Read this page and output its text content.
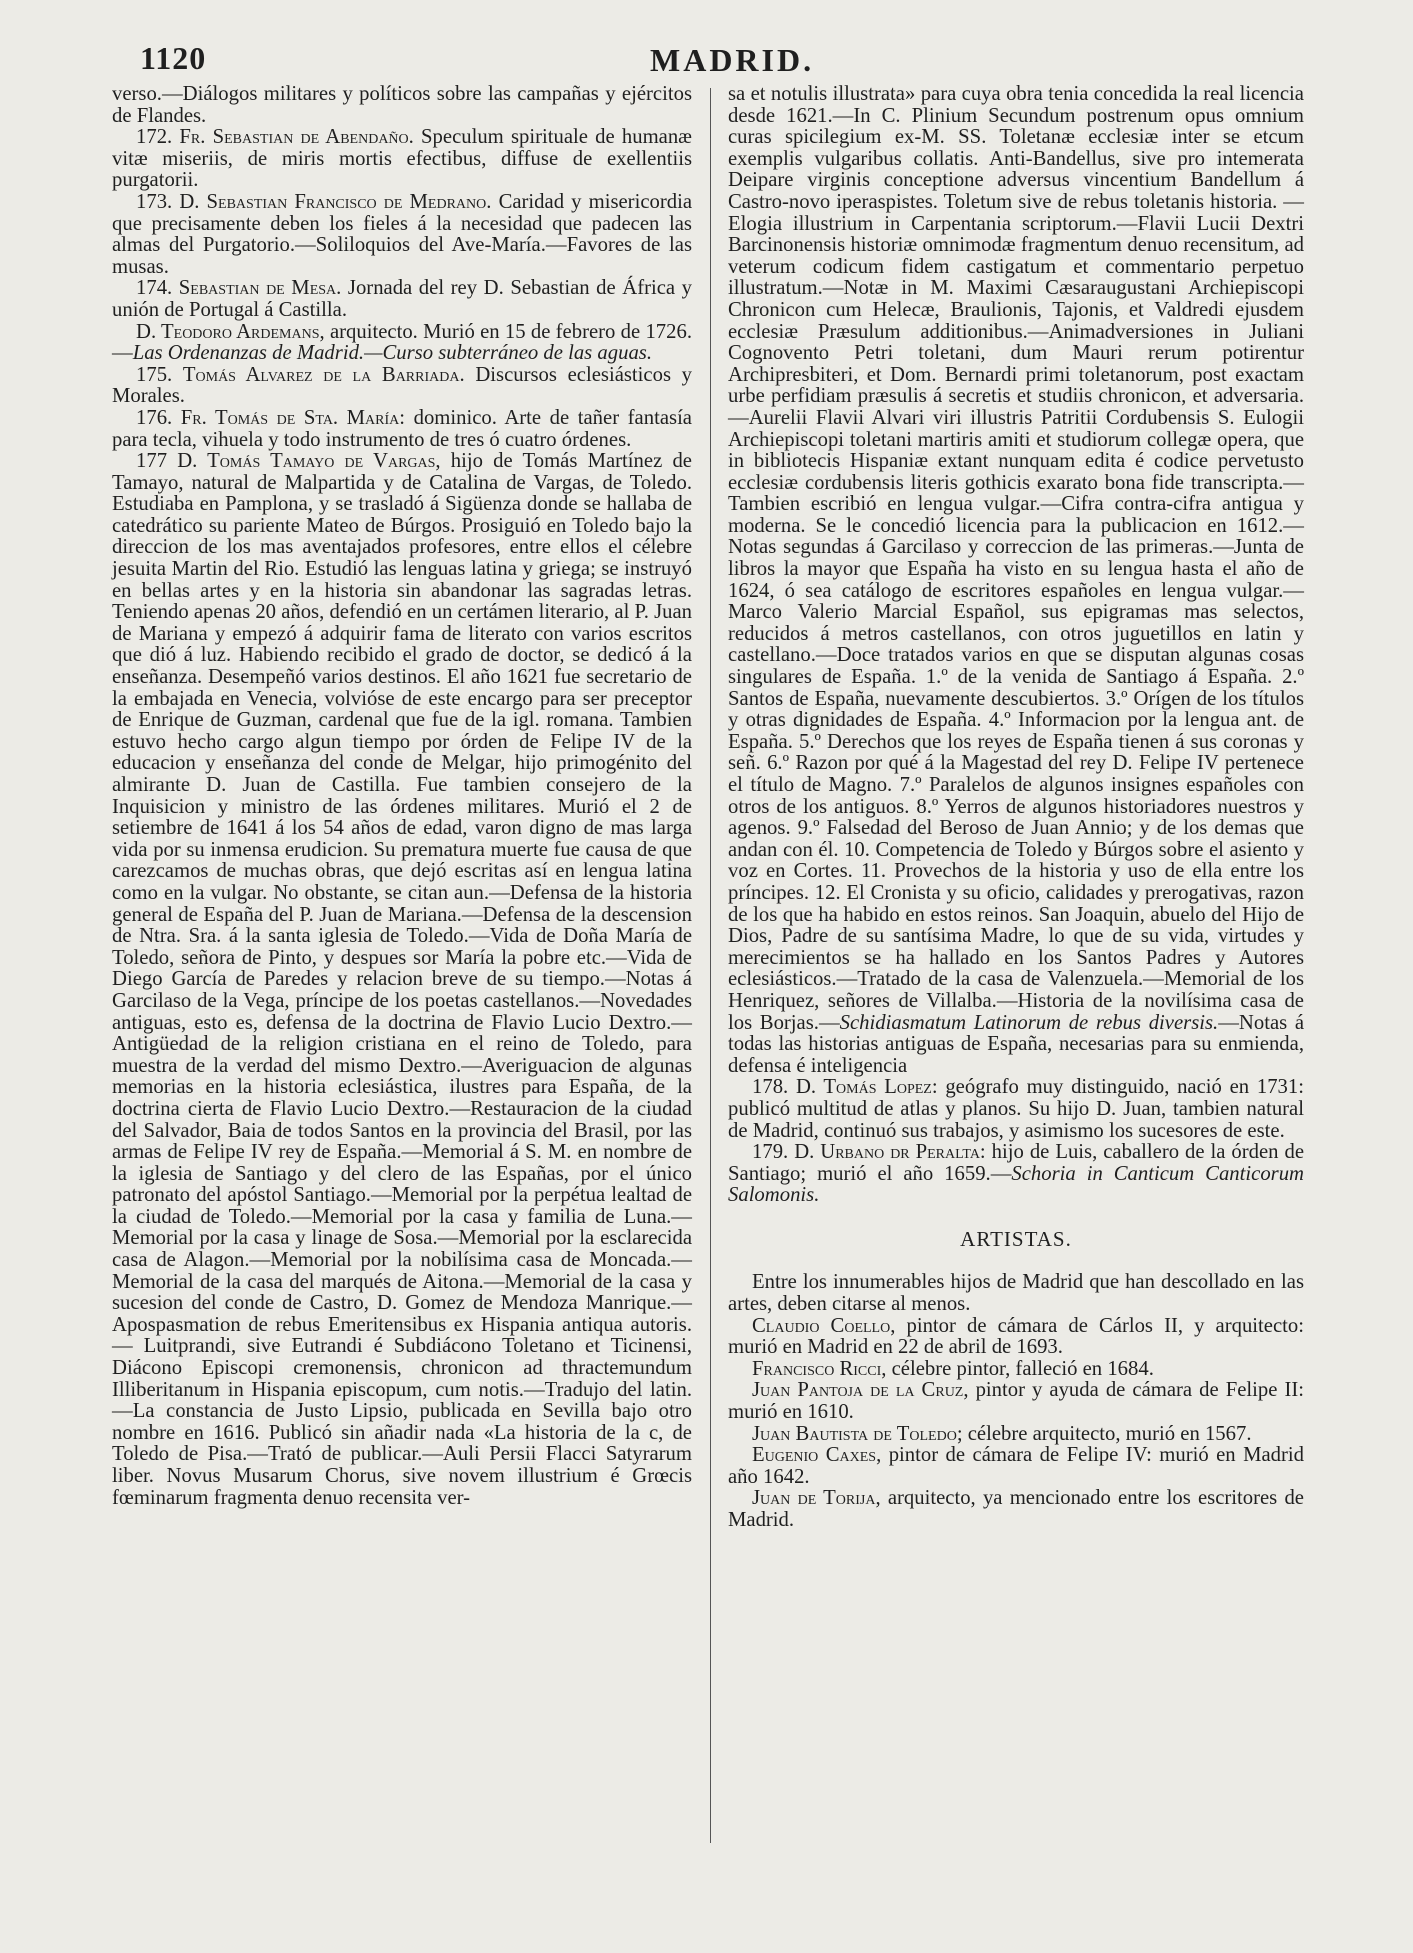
1120	MADRID.

verso.—Diálogos militares y políticos sobre las campañas y ejércitos de Flandes.

172. Fr. Sebastian de Abendaño. Speculum spirituale de humanæ vitæ miseriis, de miris mortis efectibus, diffuse de exellentiis purgatorii.

173. D. Sebastian Francisco de Medrano. Caridad y misericordia que precisamente deben los fieles á la necesidad que padecen las almas del Purgatorio.—Soliloquios del Ave-María.—Favores de las musas.

174. Sebastian de Mesa. Jornada del rey D. Sebastian de África y unión de Portugal á Castilla.

D. Teodoro Ardemans, arquitecto. Murió en 15 de febrero de 1726.—Las Ordenanzas de Madrid.—Curso subterráneo de las aguas.

175. Tomás Alvarez de la Barriada. Discursos eclesiásticos y Morales.

176. Fr. Tomás de Sta. María: dominico. Arte de tañer fantasía para tecla, vihuela y todo instrumento de tres ó cuatro órdenes.

177 D. Tomás Tamayo de Vargas, hijo de Tomás Martínez de Tamayo, natural de Malpartida y de Catalina de Vargas, de Toledo. Estudiaba en Pamplona, y se trasladó á Sigüenza donde se hallaba de catedrático su pariente Mateo de Búrgos. Prosiguió en Toledo bajo la direccion de los mas aventajados profesores, entre ellos el célebre jesuita Martin del Rio. Estudió las lenguas latina y griega; se instruyó en bellas artes y en la historia sin abandonar las sagradas letras. Teniendo apenas 20 años, defendió en un certámen literario, al P. Juan de Mariana y empezó á adquirir fama de literato con varios escritos que dió á luz. Habiendo recibido el grado de doctor, se dedicó á la enseñanza. Desempeñó varios destinos. El año 1621 fue secretario de la embajada en Venecia, volvióse de este encargo para ser preceptor de Enrique de Guzman, cardenal que fue de la igl. romana. Tambien estuvo hecho cargo algun tiempo por órden de Felipe IV de la educacion y enseñanza del conde de Melgar, hijo primogénito del almirante D. Juan de Castilla. Fue tambien consejero de la Inquisicion y ministro de las órdenes militares. Murió el 2 de setiembre de 1641 á los 54 años de edad, varon digno de mas larga vida por su inmensa erudicion. Su prematura muerte fue causa de que carezcamos de muchas obras, que dejó escritas así en lengua latina como en la vulgar. No obstante, se citan aun.—Defensa de la historia general de España del P. Juan de Mariana.—Defensa de la descension de Ntra. Sra. á la santa iglesia de Toledo.—Vida de Doña María de Toledo, señora de Pinto, y despues sor María la pobre etc.—Vida de Diego García de Paredes y relacion breve de su tiempo.—Notas á Garcilaso de la Vega, príncipe de los poetas castellanos.—Novedades antiguas, esto es, defensa de la doctrina de Flavio Lucio Dextro.—Antigüedad de la religion cristiana en el reino de Toledo, para muestra de la verdad del mismo Dextro.—Averiguacion de algunas memorias en la historia eclesiástica, ilustres para España, de la doctrina cierta de Flavio Lucio Dextro.—Restauracion de la ciudad del Salvador, Baia de todos Santos en la provincia del Brasil, por las armas de Felipe IV rey de España.—Memorial á S. M. en nombre de la iglesia de Santiago y del clero de las Españas, por el único patronato del apóstol Santiago.—Memorial por la perpétua lealtad de la ciudad de Toledo.—Memorial por la casa y familia de Luna.—Memorial por la casa y linage de Sosa.—Memorial por la esclarecida casa de Alagon.—Memorial por la nobilísima casa de Moncada.—Memorial de la casa del marqués de Aitona.—Memorial de la casa y sucesion del conde de Castro, D. Gomez de Mendoza Manrique.—Apospasmation de rebus Emeritensibus ex Hispania antiqua autoris. — Luitprandi, sive Eutrandi é Subdiácono Toletano et Ticinensi, Diácono Episcopi cremonensis, chronicon ad thractemundum Illiberitanum in Hispania episcopum, cum notis.—Tradujo del latin.—La constancia de Justo Lipsio, publicada en Sevilla bajo otro nombre en 1616. Publicó sin añadir nada «La historia de la c, de Toledo de Pisa.—Trató de publicar.—Auli Persii Flacci Satyrarum liber. Novus Musarum Chorus, sive novem illustrium é Grœcis fœminarum fragmenta denuo recensita ver-

sa et notulis illustrata» para cuya obra tenia concedida la real licencia desde 1621.—In C. Plinium Secundum postrenum opus omnium curas spicilegium ex-M. SS. Toletanæ ecclesiæ inter se etcum exemplis vulgaribus collatis. Anti-Bandellus, sive pro intemerata Deipare virginis conceptione adversus vincentium Bandellum á Castro-novo iperaspistes. Toletum sive de rebus toletanis historia. —Elogia illustrium in Carpentania scriptorum.—Flavii Lucii Dextri Barcinonensis historiæ omnimodæ fragmentum denuo recensitum, ad veterum codicum fidem castigatum et commentario perpetuo illustratum.—Notæ in M. Maximi Cæsaraugustani Archiepiscopi Chronicon cum Helecæ, Braulionis, Tajonis, et Valdredi ejusdem ecclesiæ Præsulum additionibus.—Animadversiones in Juliani Cognovento Petri toletani, dum Mauri rerum potirentur Archipresbiteri, et Dom. Bernardi primi toletanorum, post exactam urbe perfidiam præsulis á secretis et studiis chronicon, et adversaria.—Aurelii Flavii Alvari viri illustris Patritii Cordubensis S. Eulogii Archiepiscopi toletani martiris amiti et studiorum collegæ opera, que in bibliotecis Hispaniæ extant nunquam edita é codice pervetusto ecclesiæ cordubensis literis gothicis exarato bona fide transcripta.—Tambien escribió en lengua vulgar.—Cifra contra-cifra antigua y moderna. Se le concedió licencia para la publicacion en 1612.—Notas segundas á Garcilaso y correccion de las primeras.—Junta de libros la mayor que España ha visto en su lengua hasta el año de 1624, ó sea catálogo de escritores españoles en lengua vulgar.—Marco Valerio Marcial Español, sus epigramas mas selectos, reducidos á metros castellanos, con otros juguetillos en latin y castellano.—Doce tratados varios en que se disputan algunas cosas singulares de España. 1.º de la venida de Santiago á España. 2.º Santos de España, nuevamente descubiertos. 3.º Orígen de los títulos y otras dignidades de España. 4.º Informacion por la lengua ant. de España. 5.º Derechos que los reyes de España tienen á sus coronas y señ. 6.º Razon por qué á la Magestad del rey D. Felipe IV pertenece el título de Magno. 7.º Paralelos de algunos insignes españoles con otros de los antiguos. 8.º Yerros de algunos historiadores nuestros y agenos. 9.º Falsedad del Beroso de Juan Annio; y de los demas que andan con él. 10. Competencia de Toledo y Búrgos sobre el asiento y voz en Cortes. 11. Provechos de la historia y uso de ella entre los príncipes. 12. El Cronista y su oficio, calidades y prerogativas, razon de los que ha habido en estos reinos. San Joaquin, abuelo del Hijo de Dios, Padre de su santísima Madre, lo que de su vida, virtudes y merecimientos se ha hallado en los Santos Padres y Autores eclesiásticos.—Tratado de la casa de Valenzuela.—Memorial de los Henriquez, señores de Villalba.—Historia de la novilísima casa de los Borjas.—Schidiasmatum Latinorum de rebus diversis.—Notas á todas las historias antiguas de España, necesarias para su enmienda, defensa é inteligencia

178. D. Tomás Lopez: geógrafo muy distinguido, nació en 1731: publicó multitud de atlas y planos. Su hijo D. Juan, tambien natural de Madrid, continuó sus trabajos, y asimismo los sucesores de este.

179. D. Urbano dr Peralta: hijo de Luis, caballero de la órden de Santiago; murió el año 1659.—Schoria in Canticum Canticorum Salomonis.

ARTISTAS.

Entre los innumerables hijos de Madrid que han descollado en las artes, deben citarse al menos.

Claudio Coello, pintor de cámara de Cárlos II, y arquitecto: murió en Madrid en 22 de abril de 1693.

Francisco Ricci, célebre pintor, falleció en 1684.

Juan Pantoja de la Cruz, pintor y ayuda de cámara de Felipe II: murió en 1610.

Juan Bautista de Toledo; célebre arquitecto, murió en 1567.

Eugenio Caxes, pintor de cámara de Felipe IV: murió en Madrid año 1642.

Juan de Torija, arquitecto, ya mencionado entre los escritores de Madrid.
